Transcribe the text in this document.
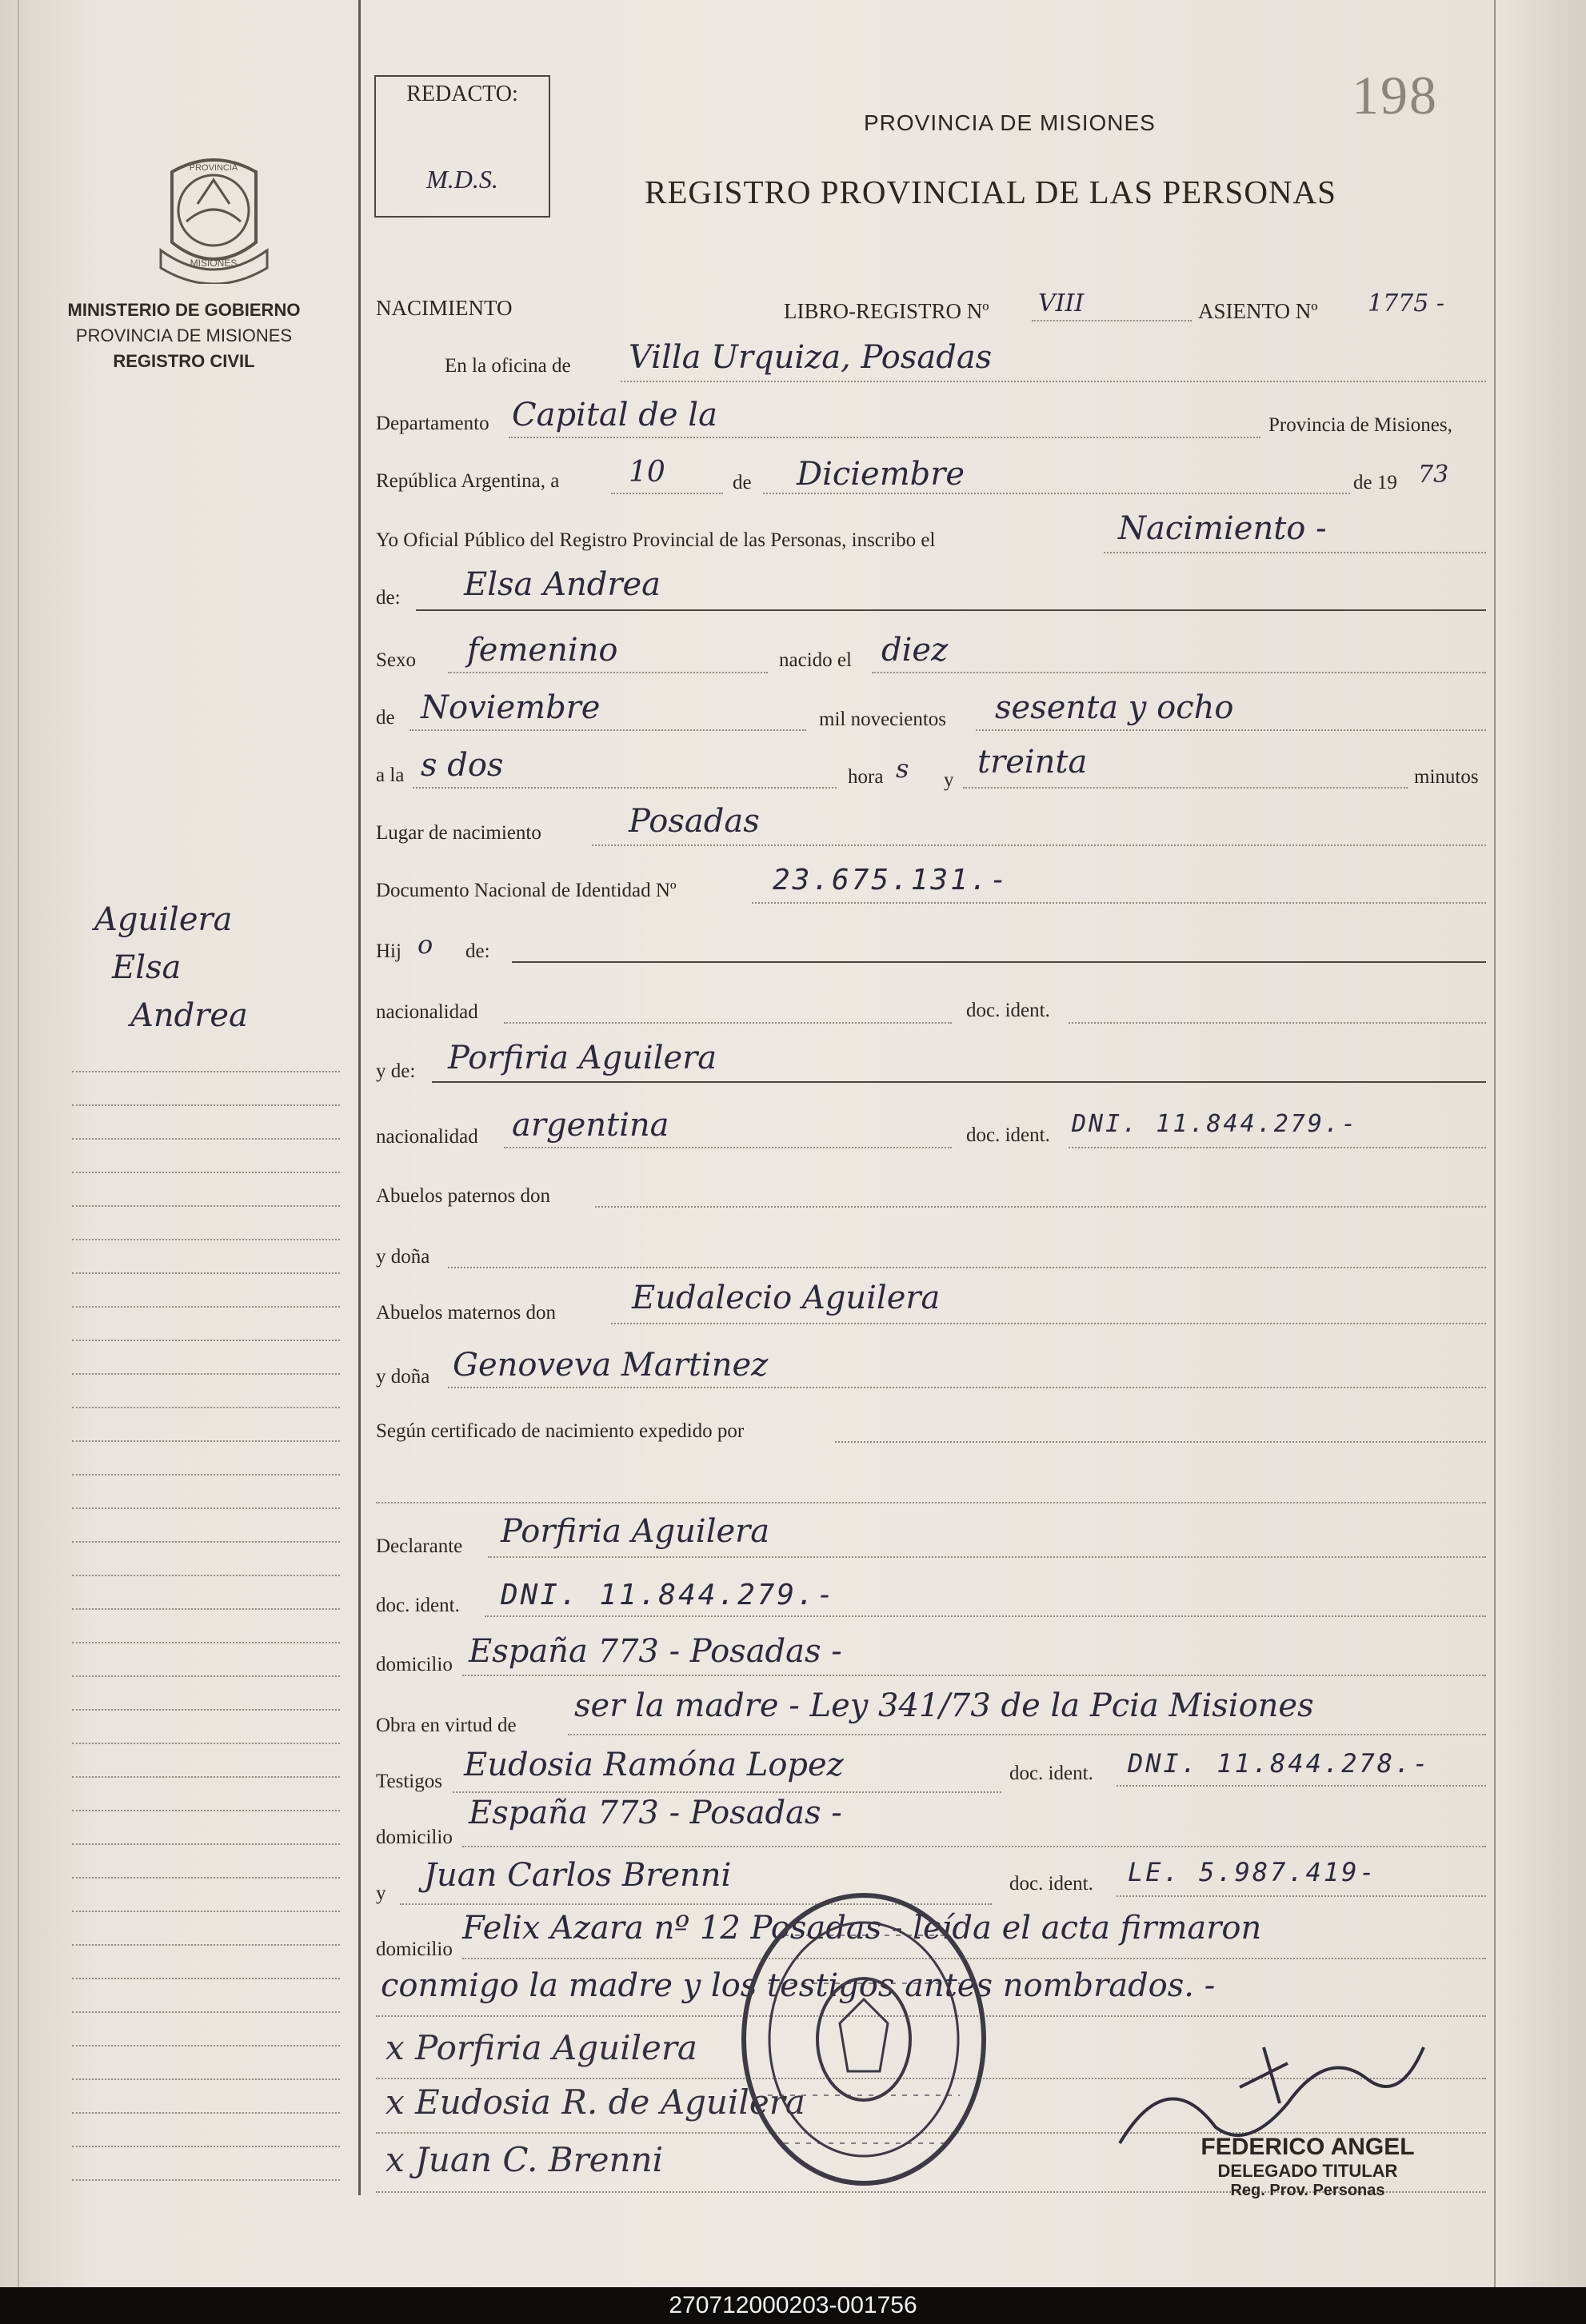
PROVINCIA
MISIONES
MINISTERIO DE GOBIERNO
PROVINCIA DE MISIONES
REGISTRO CIVIL
Aguilera
Elsa
Andrea
REDACTO:
M.D.S.
198
PROVINCIA DE MISIONES
REGISTRO PROVINCIAL DE LAS PERSONAS
NACIMIENTO	LIBRO-REGISTRO Nº VIII	ASIENTO Nº 1775 -
En la oficina de Villa Urquiza, Posadas
Departamento Capital de la	Provincia de Misiones,
República Argentina, a 10	de Diciembre	de 19 73
Yo Oficial Público del Registro Provincial de las Personas, inscribo el	Nacimiento -
de: Elsa Andrea
Sexo femenino	nacido el diez
de Noviembre	mil novecientos sesenta y ocho
a la s dos	hora s y treinta	minutos
Lugar de nacimiento	Posadas
Documento Nacional de Identidad Nº	23.675.131.-
Hij o de:
nacionalidad	doc. ident.
y de: Porfiria Aguilera
nacionalidad argentina	doc. ident. DNI. 11.844.279.-
Abuelos paternos don
y doña
Abuelos maternos don Eudalecio Aguilera
y doña Genoveva Martinez
Según certificado de nacimiento expedido por
Declarante Porfiria Aguilera
doc. ident. DNI. 11.844.279.-
domicilio España 773 - Posadas -
Obra en virtud de
ser la madre - Ley 341/73 de la Pcia Misiones
Testigos Eudosia Ramóna Lopez	doc. ident. DNI. 11.844.278.-
domicilio
España 773 - Posadas -
y Juan Carlos Brenni	doc. ident. LE. 5.987.419-
domicilio
Felix Azara nº 12 Posadas - leída el acta firmaron
conmigo la madre y los testigos antes nombrados. -
x Porfiria Aguilera
x Eudosia R. de Aguilera
x Juan C. Brenni	FEDERICO ANGEL
DELEGADO TITULAR
Reg. Prov. Personas
270712000203-001756
